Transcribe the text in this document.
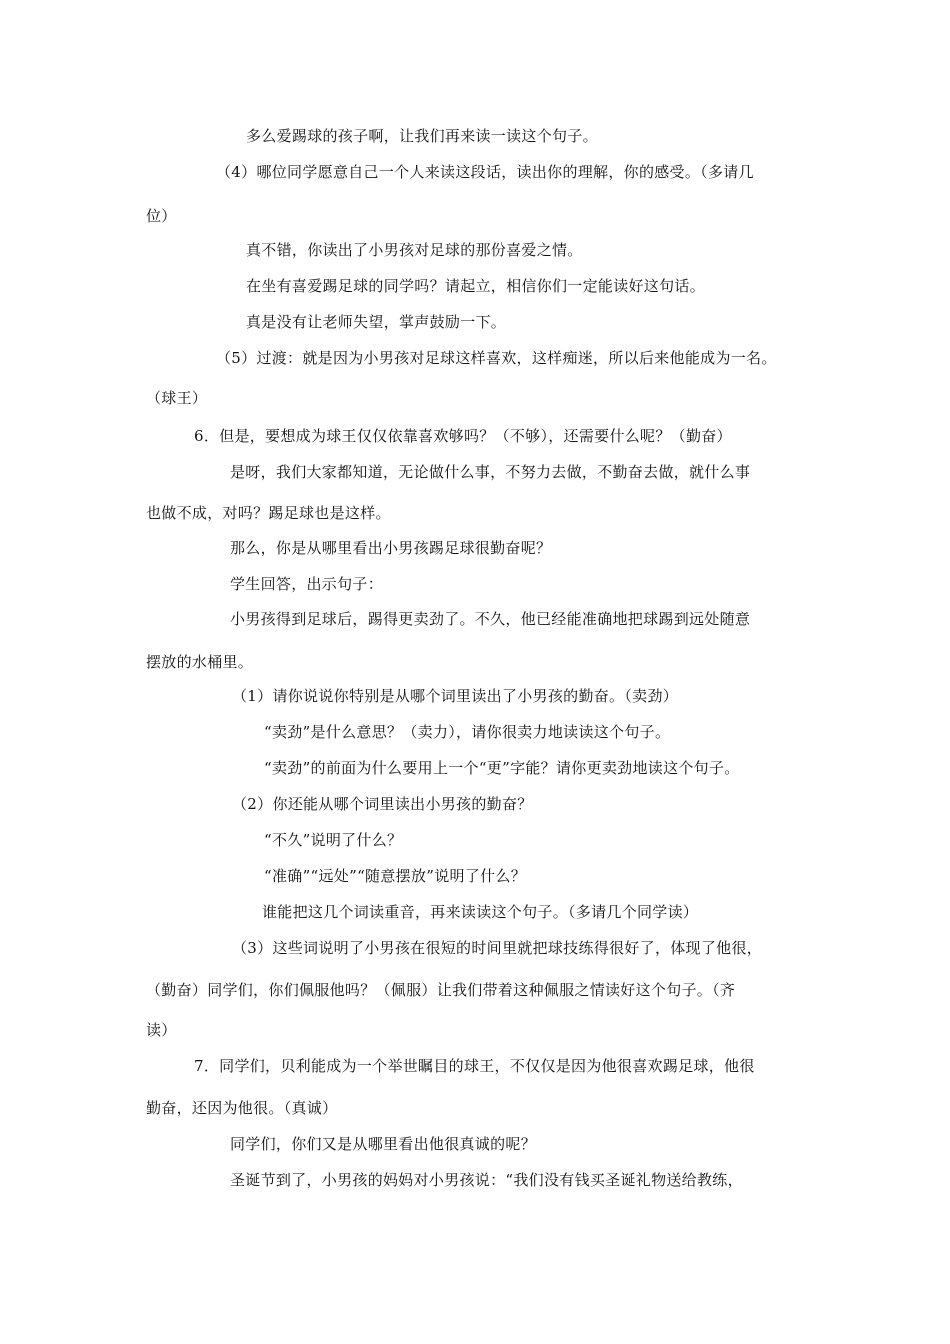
多么爱踢球的孩子啊，让我们再来读一读这个句子。
（4）哪位同学愿意自己一个人来读这段话，读出你的理解，你的感受。（多请几
位）
真不错，你读出了小男孩对足球的那份喜爱之情。
在坐有喜爱踢足球的同学吗？请起立，相信你们一定能读好这句话。
真是没有让老师失望，掌声鼓励一下。
（5）过渡：就是因为小男孩对足球这样喜欢，这样痴迷，所以后来他能成为一名。
（球王）
6．但是，要想成为球王仅仅依靠喜欢够吗？（不够），还需要什么呢？（勤奋）
是呀，我们大家都知道，无论做什么事，不努力去做，不勤奋去做，就什么事
也做不成，对吗？踢足球也是这样。
那么，你是从哪里看出小男孩踢足球很勤奋呢？
学生回答，出示句子：
小男孩得到足球后，踢得更卖劲了。不久，他已经能准确地把球踢到远处随意
摆放的水桶里。
（1）请你说说你特别是从哪个词里读出了小男孩的勤奋。（卖劲）
“卖劲”是什么意思？（卖力），请你很卖力地读读这个句子。
“卖劲”的前面为什么要用上一个“更”字能？请你更卖劲地读这个句子。
（2）你还能从哪个词里读出小男孩的勤奋？
“不久”说明了什么？
“准确”“远处”“随意摆放”说明了什么？
谁能把这几个词读重音，再来读读这个句子。（多请几个同学读）
（3）这些词说明了小男孩在很短的时间里就把球技练得很好了，体现了他很，
（勤奋）同学们，你们佩服他吗？（佩服）让我们带着这种佩服之情读好这个句子。（齐
读）
7．同学们，贝利能成为一个举世瞩目的球王，不仅仅是因为他很喜欢踢足球，他很
勤奋，还因为他很。（真诚）
同学们，你们又是从哪里看出他很真诚的呢？
圣诞节到了，小男孩的妈妈对小男孩说：“我们没有钱买圣诞礼物送给教练，
